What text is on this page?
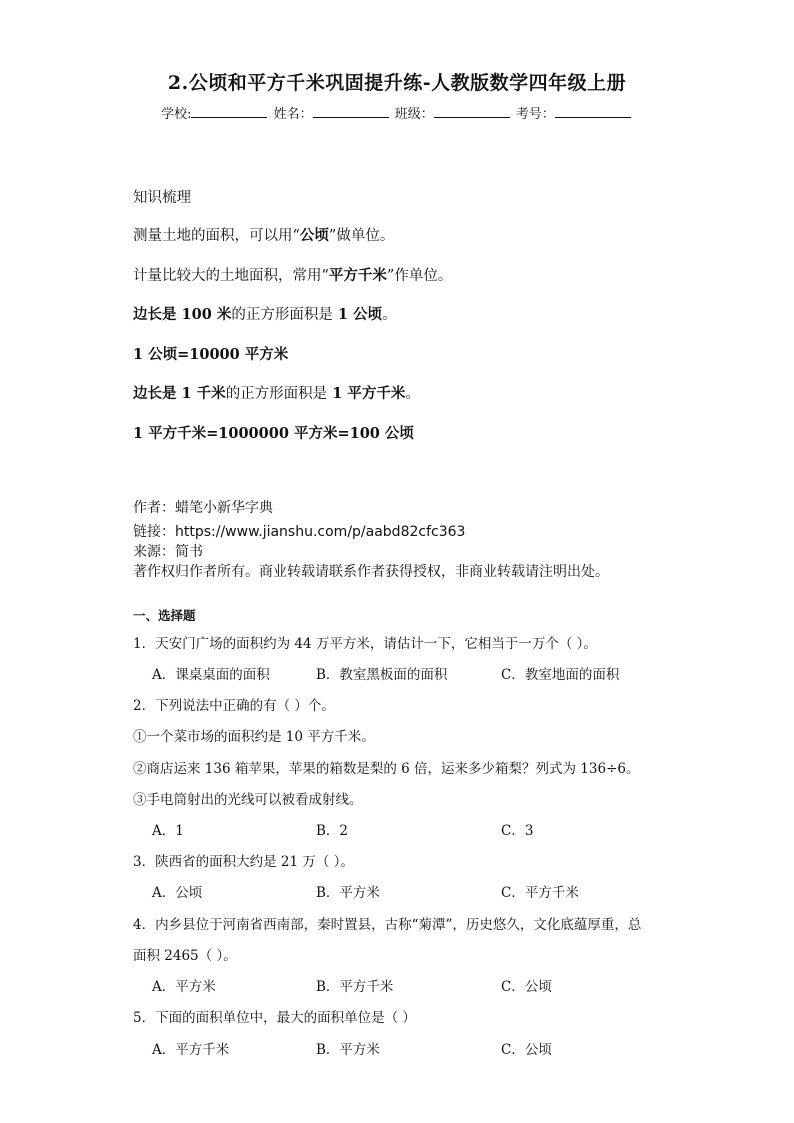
2.公顷和平方千米巩固提升练-人教版数学四年级上册
学校:	姓名：	班级：	考号：
知识梳理
测量土地的面积，可以用“公顷”做单位。
计量比较大的土地面积，常用“平方千米”作单位。
边长是 100 米的正方形面积是 1 公顷。
1 公顷=10000 平方米
边长是 1 千米的正方形面积是 1 平方千米。
1 平方千米=1000000 平方米=100 公顷
作者：蜡笔小新华字典
链接：https://www.jianshu.com/p/aabd82cfc363
来源：简书
著作权归作者所有。商业转载请联系作者获得授权，非商业转载请注明出处。
一、选择题
1．天安门广场的面积约为 44 万平方米，请估计一下，它相当于一万个（ ）。
A．课桌桌面的面积	B．教室黑板面的面积	C．教室地面的面积
2．下列说法中正确的有（ ）个。
①一个菜市场的面积约是 10 平方千米。
②商店运来 136 箱苹果，苹果的箱数是梨的 6 倍，运来多少箱梨？列式为 136÷6。
③手电筒射出的光线可以被看成射线。
A．1	B．2	C．3
3．陕西省的面积大约是 21 万（ ）。
A．公顷	B．平方米	C．平方千米
4．内乡县位于河南省西南部，秦时置县，古称“菊潭”，历史悠久，文化底蕴厚重，总
面积 2465（ ）。
A．平方米	B．平方千米	C．公顷
5．下面的面积单位中，最大的面积单位是（ ）
A．平方千米	B．平方米	C．公顷
